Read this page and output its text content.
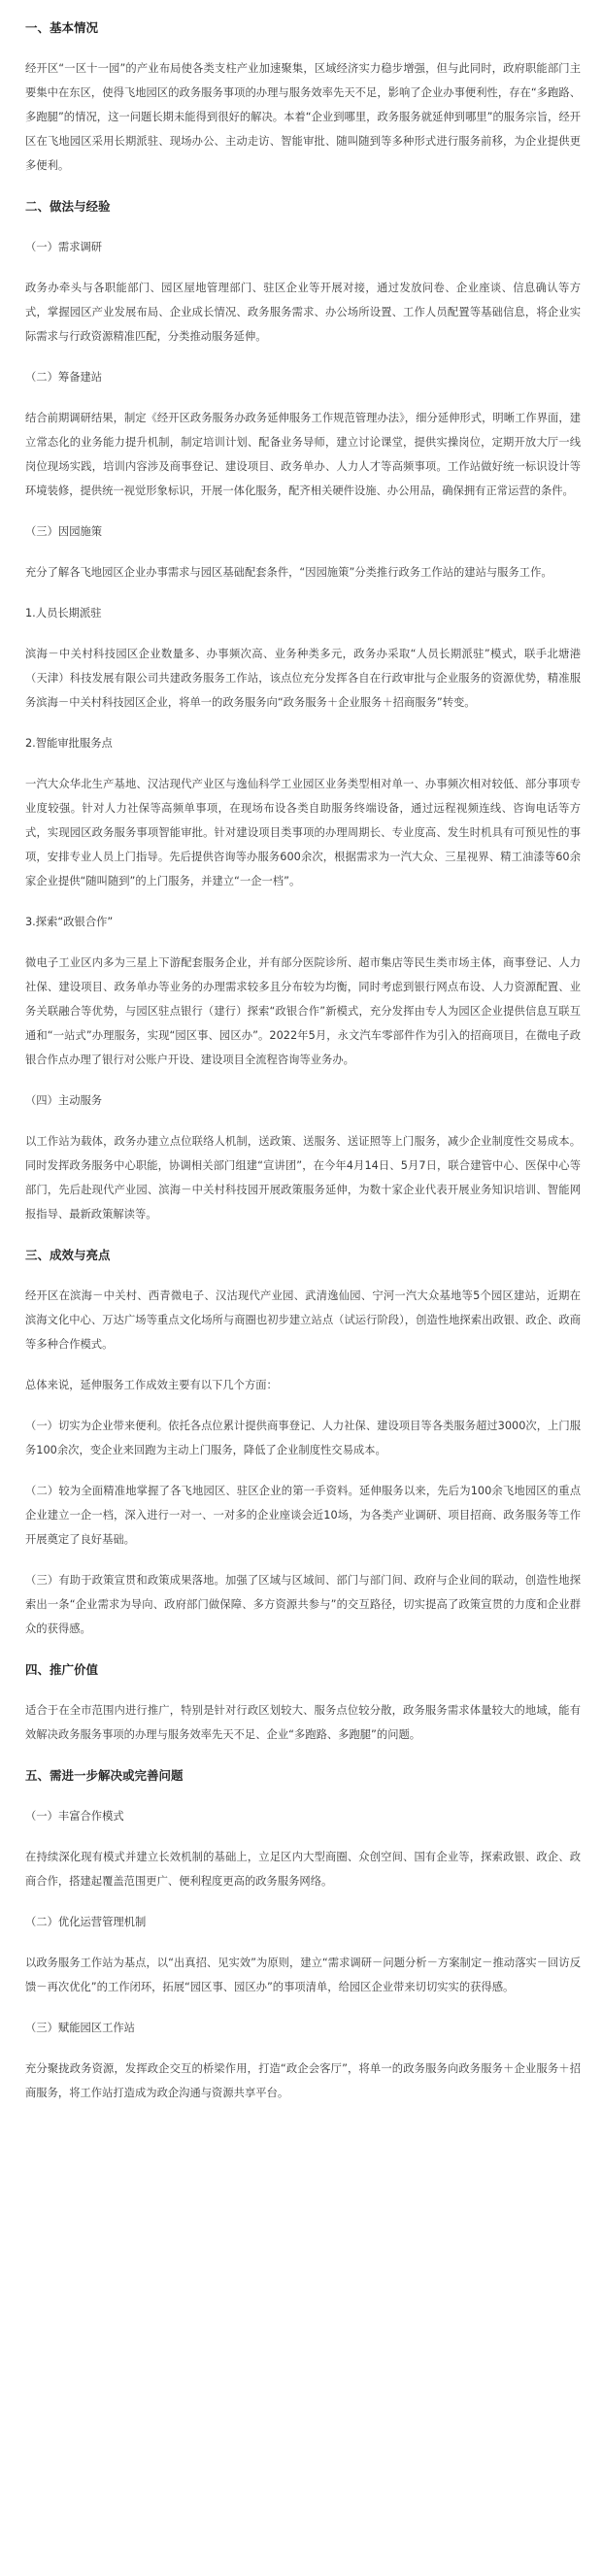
一、基本情况

经开区“一区十一园”的产业布局使各类支柱产业加速聚集，区域经济实力稳步增强，但与此同时，政府职能部门主要集中在东区，使得飞地园区的政务服务事项的办理与服务效率先天不足，影响了企业办事便利性，存在“多跑路、多跑腿”的情况，这一问题长期未能得到很好的解决。本着“企业到哪里，政务服务就延伸到哪里”的服务宗旨，经开区在飞地园区采用长期派驻、现场办公、主动走访、智能审批、随叫随到等多种形式进行服务前移，为企业提供更多便利。

二、做法与经验

（一）需求调研

政务办牵头与各职能部门、园区屋地管理部门、驻区企业等开展对接，通过发放问卷、企业座谈、信息确认等方式，掌握园区产业发展布局、企业成长情况、政务服务需求、办公场所设置、工作人员配置等基础信息，将企业实际需求与行政资源精准匹配，分类推动服务延伸。

（二）筹备建站

结合前期调研结果，制定《经开区政务服务办政务延伸服务工作规范管理办法》，细分延伸形式，明晰工作界面，建立常态化的业务能力提升机制，制定培训计划、配备业务导师，建立讨论课堂，提供实操岗位，定期开放大厅一线岗位现场实践，培训内容涉及商事登记、建设项目、政务单办、人力人才等高频事项。工作站做好统一标识设计等环境装修，提供统一视觉形象标识，开展一体化服务，配齐相关硬件设施、办公用品，确保拥有正常运营的条件。

（三）因园施策

充分了解各飞地园区企业办事需求与园区基础配套条件，“因园施策”分类推行政务工作站的建站与服务工作。

1.人员长期派驻

滨海－中关村科技园区企业数量多、办事频次高、业务种类多元，政务办采取“人员长期派驻”模式，联手北塘港（天津）科技发展有限公司共建政务服务工作站，该点位充分发挥各自在行政审批与企业服务的资源优势，精准服务滨海－中关村科技园区企业，将单一的政务服务向“政务服务＋企业服务＋招商服务”转变。

2.智能审批服务点

一汽大众华北生产基地、汉沽现代产业区与逸仙科学工业园区业务类型相对单一、办事频次相对较低、部分事项专业度较强。针对人力社保等高频单事项，在现场布设各类自助服务终端设备，通过远程视频连线、咨询电话等方式，实现园区政务服务事项智能审批。针对建设项目类事项的办理周期长、专业度高、发生时机具有可预见性的事项，安排专业人员上门指导。先后提供咨询等办服务600余次，根据需求为一汽大众、三星视界、精工油漆等60余家企业提供“随叫随到”的上门服务，并建立“一企一档”。

3.探索“政银合作”

微电子工业区内多为三星上下游配套服务企业，并有部分医院诊所、超市集店等民生类市场主体，商事登记、人力社保、建设项目、政务单办等业务的办理需求较多且分布较为均衡，同时考虑到银行网点布设、人力资源配置、业务关联融合等优势，与园区驻点银行（建行）探索“政银合作”新模式，充分发挥由专人为园区企业提供信息互联互通和“一站式”办理服务，实现“园区事、园区办”。2022年5月，永文汽车零部件作为引入的招商项目，在微电子政银合作点办理了银行对公账户开设、建设项目全流程咨询等业务办。

（四）主动服务

以工作站为载体，政务办建立点位联络人机制，送政策、送服务、送证照等上门服务，减少企业制度性交易成本。同时发挥政务服务中心职能，协调相关部门组建“宣讲团”，在今年4月14日、5月7日，联合建管中心、医保中心等部门，先后赴现代产业园、滨海－中关村科技园开展政策服务延伸，为数十家企业代表开展业务知识培训、智能网报指导、最新政策解读等。

三、成效与亮点

经开区在滨海－中关村、西青微电子、汉沽现代产业园、武清逸仙园、宁河一汽大众基地等5个园区建站，近期在滨海文化中心、万达广场等重点文化场所与商圈也初步建立站点（试运行阶段），创造性地探索出政银、政企、政商等多种合作模式。

总体来说，延伸服务工作成效主要有以下几个方面：

（一）切实为企业带来便利。依托各点位累计提供商事登记、人力社保、建设项目等各类服务超过3000次，上门服务100余次，变企业来回跑为主动上门服务，降低了企业制度性交易成本。

（二）较为全面精准地掌握了各飞地园区、驻区企业的第一手资料。延伸服务以来，先后为100余飞地园区的重点企业建立一企一档，深入进行一对一、一对多的企业座谈会近10场，为各类产业调研、项目招商、政务服务等工作开展奠定了良好基础。

（三）有助于政策宣贯和政策成果落地。加强了区域与区域间、部门与部门间、政府与企业间的联动，创造性地探索出一条“企业需求为导向、政府部门做保障、多方资源共参与”的交互路径，切实提高了政策宣贯的力度和企业群众的获得感。

四、推广价值

适合于在全市范围内进行推广，特别是针对行政区划较大、服务点位较分散，政务服务需求体量较大的地域，能有效解决政务服务事项的办理与服务效率先天不足、企业“多跑路、多跑腿”的问题。

五、需进一步解决或完善问题

（一）丰富合作模式

在持续深化现有模式并建立长效机制的基础上，立足区内大型商圈、众创空间、国有企业等，探索政银、政企、政商合作，搭建起覆盖范围更广、便利程度更高的政务服务网络。

（二）优化运营管理机制

以政务服务工作站为基点，以“出真招、见实效”为原则，建立“需求调研－问题分析－方案制定－推动落实－回访反馈－再次优化”的工作闭环，拓展“园区事、园区办”的事项清单，给园区企业带来切切实实的获得感。

（三）赋能园区工作站

充分聚拢政务资源，发挥政企交互的桥梁作用，打造“政企会客厅”，将单一的政务服务向政务服务＋企业服务＋招商服务，将工作站打造成为政企沟通与资源共享平台。
